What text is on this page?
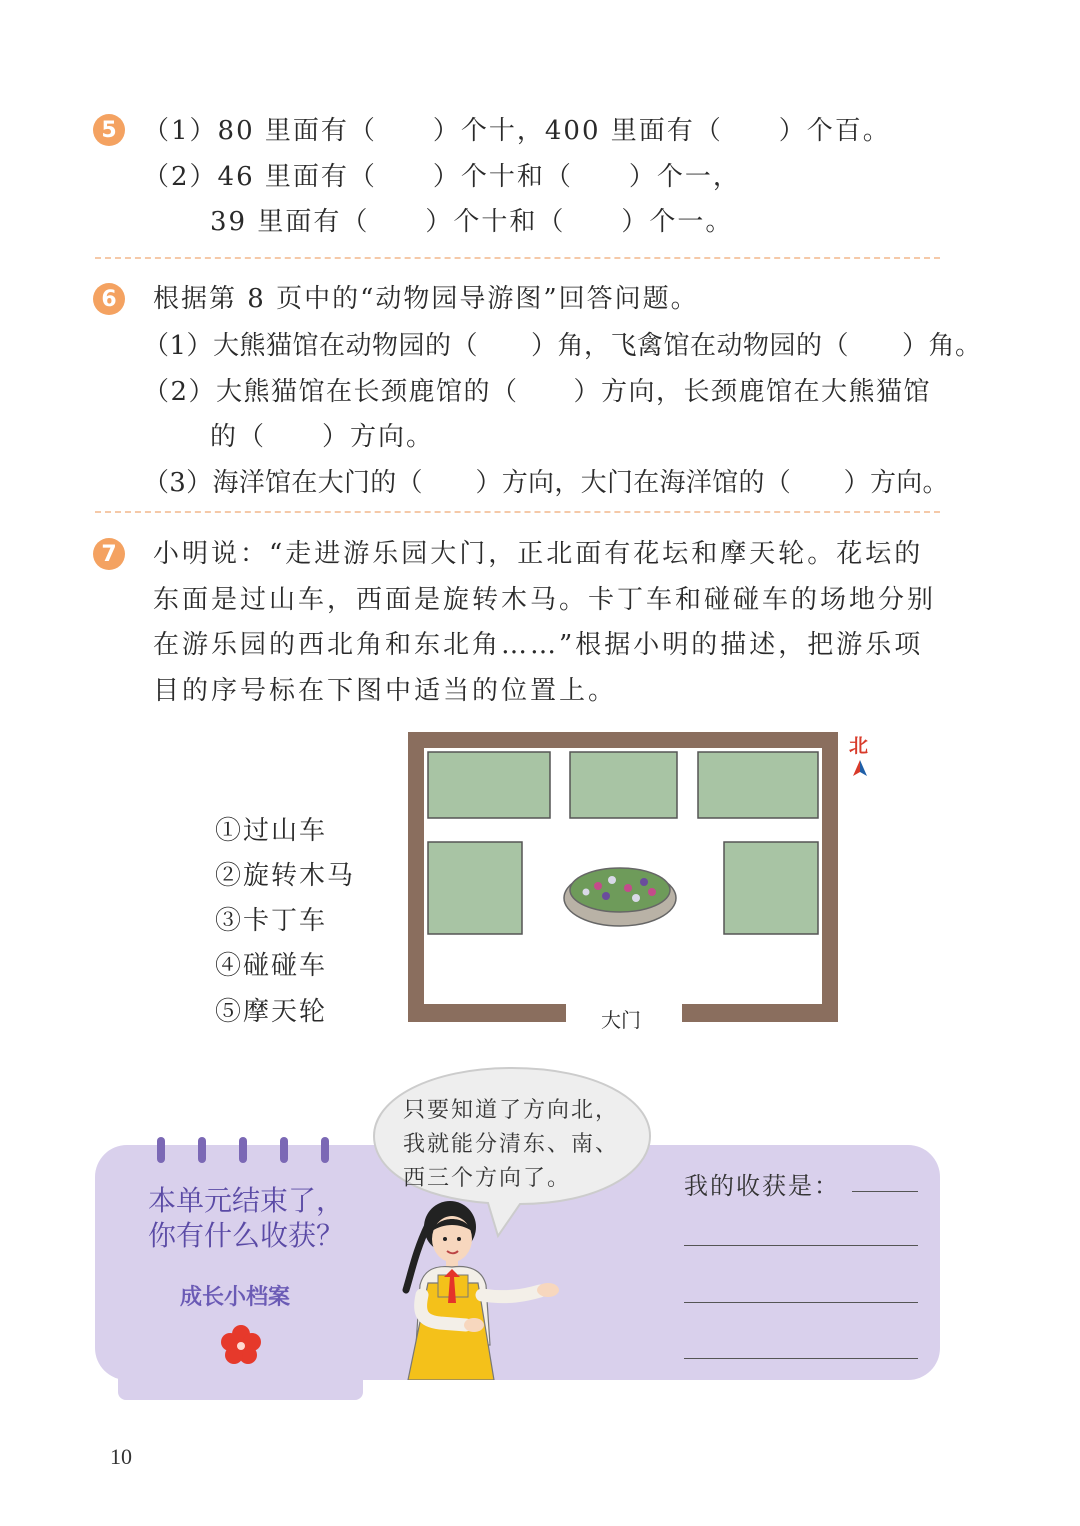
5	（1）80 里面有（　　）个十，400 里面有（　　）个百。
（2）46 里面有（　　）个十和（　　）个一，
39 里面有（　　）个十和（　　）个一。
6	根据第 8 页中的“动物园导游图”回答问题。
（1）大熊猫馆在动物园的（　　）角，飞禽馆在动物园的（　　）角。
（2）大熊猫馆在长颈鹿馆的（　　）方向，长颈鹿馆在大熊猫馆
的（　　）方向。
（3）海洋馆在大门的（　　）方向，大门在海洋馆的（　　）方向。
7	小明说：“走进游乐园大门，正北面有花坛和摩天轮。花坛的
东面是过山车，西面是旋转木马。卡丁车和碰碰车的场地分别
在游乐园的西北角和东北角……”根据小明的描述，把游乐项
目的序号标在下图中适当的位置上。
①过山车
②旋转木马
③卡丁车
④碰碰车
⑤摩天轮
北
大门
本单元结束了，
你有什么收获？
成长小档案
只要知道了方向北，
我就能分清东、南、
西三个方向了。	我的收获是：
10
